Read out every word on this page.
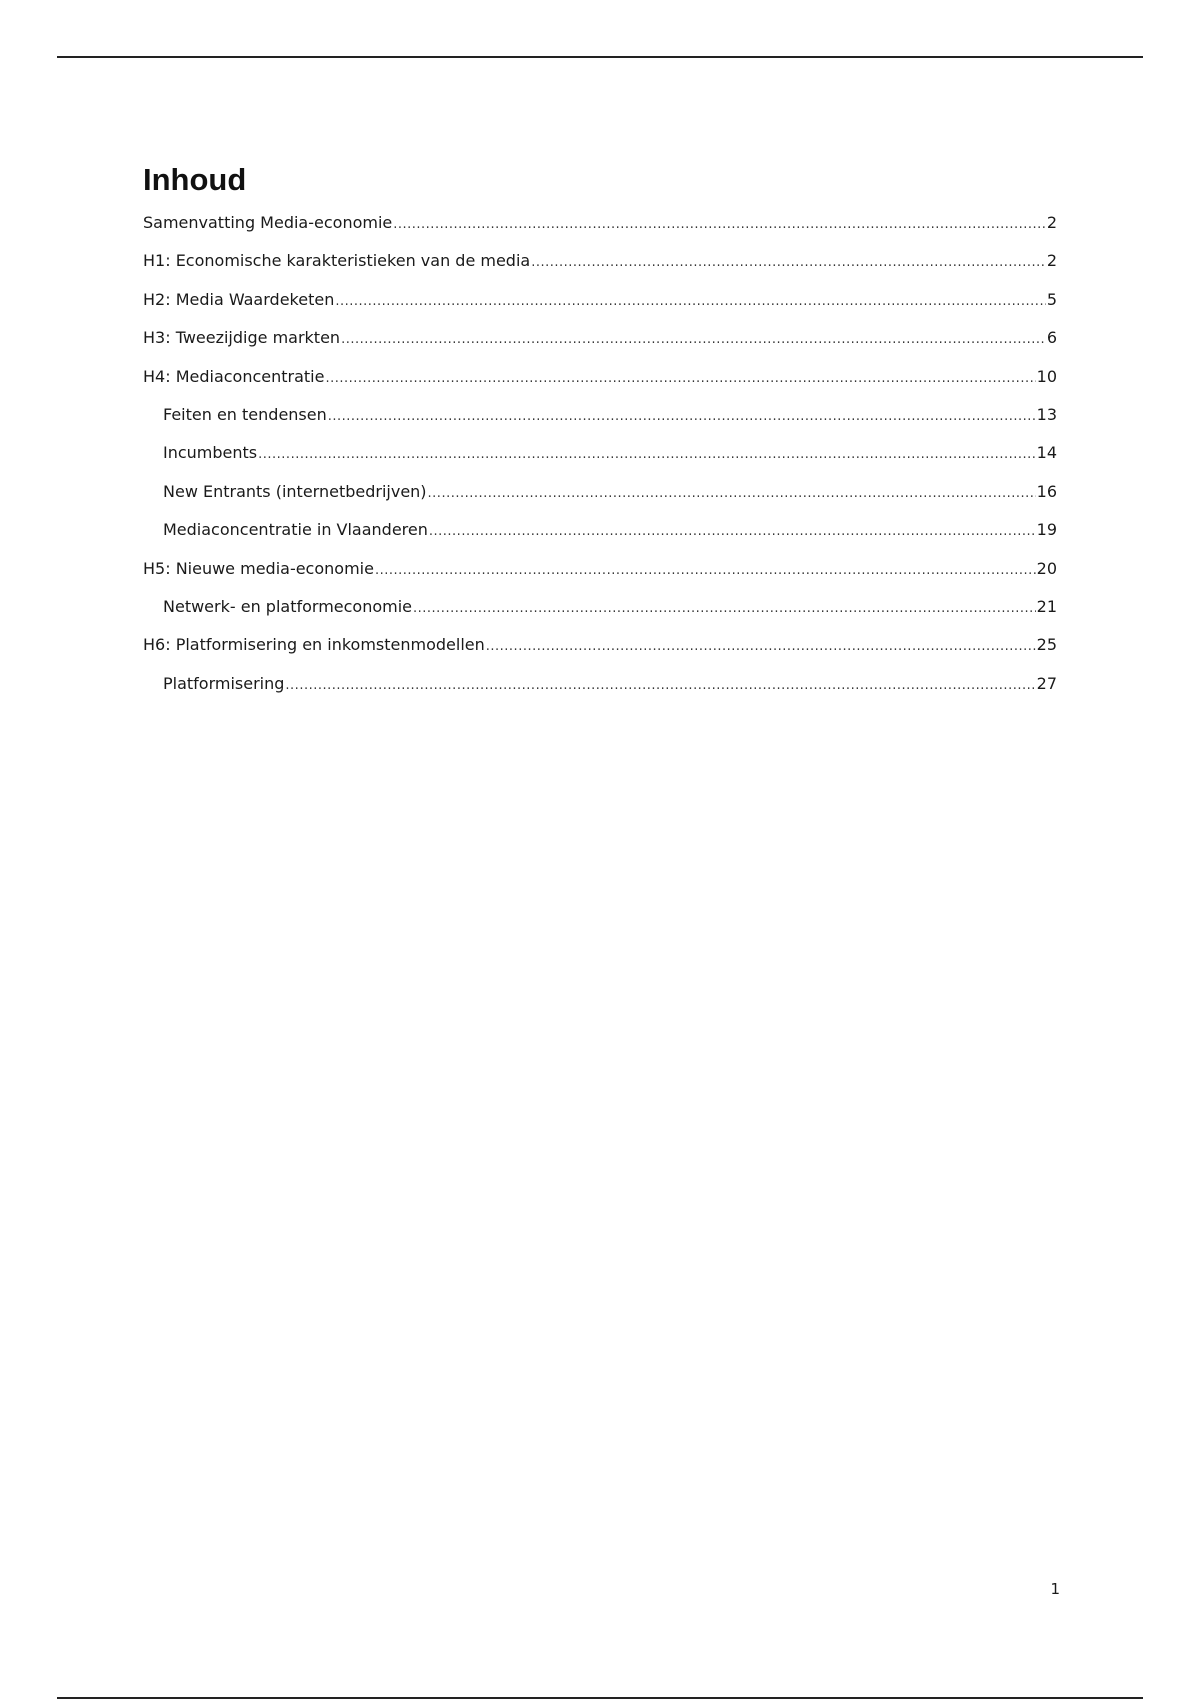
Inhoud
Samenvatting Media-economie .....	2
H1: Economische karakteristieken van de media .....	2
H2: Media Waardeketen .....	5
H3: Tweezijdige markten .....	6
H4: Mediaconcentratie .....	10
Feiten en tendensen .....	13
Incumbents .....	14
New Entrants (internetbedrijven) .....	16
Mediaconcentratie in Vlaanderen .....	19
H5: Nieuwe media-economie .....	20
Netwerk- en platformeconomie .....	21
H6: Platformisering en inkomstenmodellen .....	25
Platformisering .....	27
1
